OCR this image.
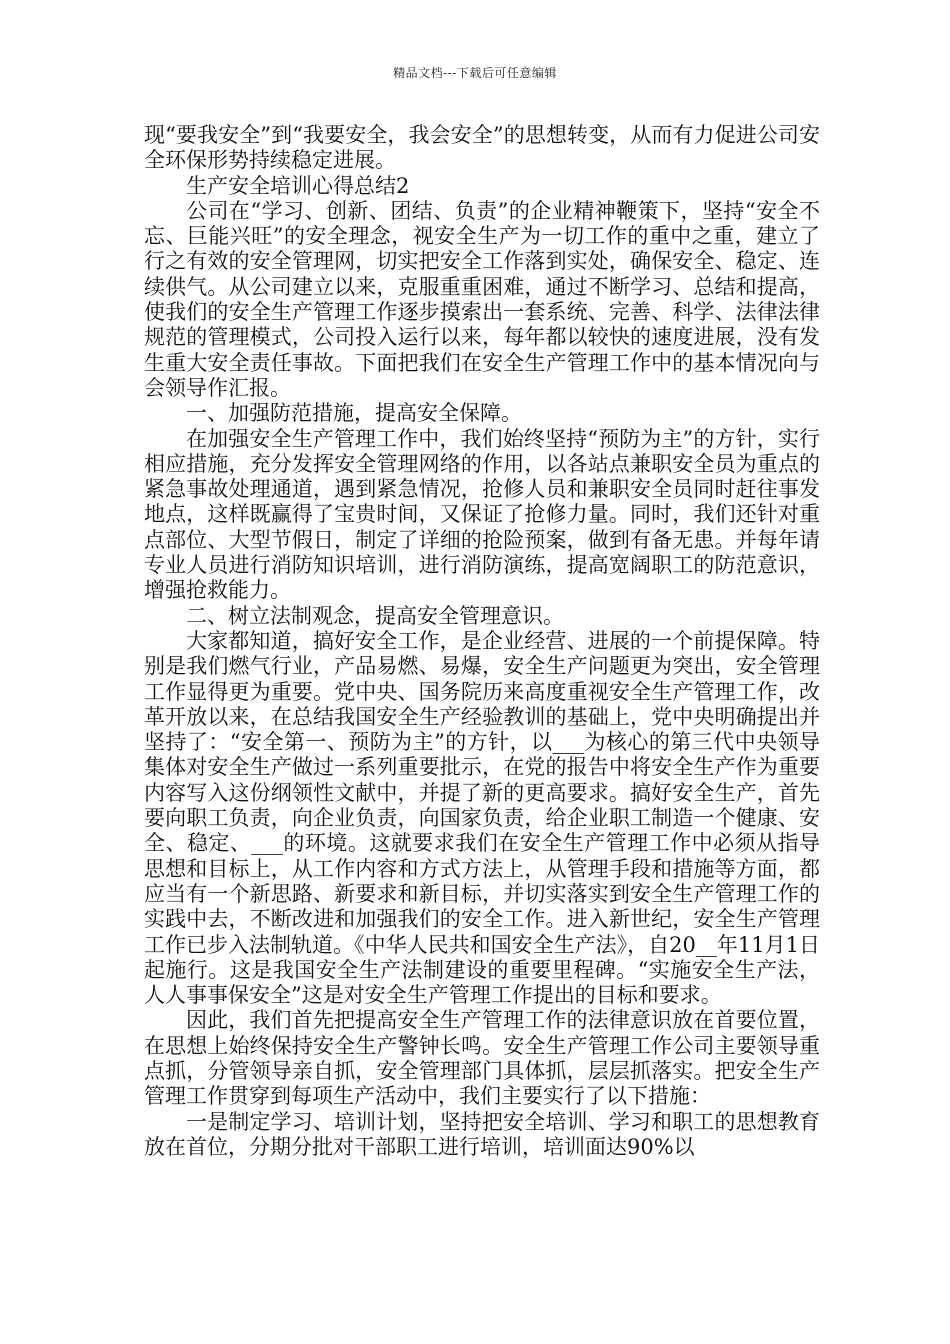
精品文档---下载后可任意编辑

现“要我安全”到“我要安全，我会安全”的思想转变，从而有力促进公司安全环保形势持续稳定进展。

生产安全培训心得总结2

公司在“学习、创新、团结、负责”的企业精神鞭策下，坚持“安全不忘、巨能兴旺”的安全理念，视安全生产为一切工作的重中之重，建立了行之有效的安全管理网，切实把安全工作落到实处，确保安全、稳定、连续供气。从公司建立以来，克服重重困难，通过不断学习、总结和提高，使我们的安全生产管理工作逐步摸索出一套系统、完善、科学、法律法律规范的管理模式，公司投入运行以来，每年都以较快的速度进展，没有发生重大安全责任事故。下面把我们在安全生产管理工作中的基本情况向与会领导作汇报。

一、加强防范措施，提高安全保障。

在加强安全生产管理工作中，我们始终坚持“预防为主”的方针，实行相应措施，充分发挥安全管理网络的作用，以各站点兼职安全员为重点的紧急事故处理通道，遇到紧急情况，抢修人员和兼职安全员同时赶往事发地点，这样既赢得了宝贵时间，又保证了抢修力量。同时，我们还针对重点部位、大型节假日，制定了详细的抢险预案，做到有备无患。并每年请专业人员进行消防知识培训，进行消防演练，提高宽阔职工的防范意识，增强抢救能力。

二、树立法制观念，提高安全管理意识。

大家都知道，搞好安全工作，是企业经营、进展的一个前提保障。特别是我们燃气行业，产品易燃、易爆，安全生产问题更为突出，安全管理工作显得更为重要。党中央、国务院历来高度重视安全生产管理工作，改革开放以来，在总结我国安全生产经验教训的基础上，党中央明确提出并坚持了：“安全第一、预防为主”的方针，以___为核心的第三代中央领导集体对安全生产做过一系列重要批示，在党的报告中将安全生产作为重要内容写入这份纲领性文献中，并提了新的更高要求。搞好安全生产，首先要向职工负责，向企业负责，向国家负责，给企业职工制造一个健康、安全、稳定、___的环境。这就要求我们在安全生产管理工作中必须从指导思想和目标上，从工作内容和方式方法上，从管理手段和措施等方面，都应当有一个新思路、新要求和新目标，并切实落实到安全生产管理工作的实践中去，不断改进和加强我们的安全工作。进入新世纪，安全生产管理工作已步入法制轨道。《中华人民共和国安全生产法》，自20__年11月1日起施行。这是我国安全生产法制建设的重要里程碑。“实施安全生产法，人人事事保安全”这是对安全生产管理工作提出的目标和要求。

因此，我们首先把提高安全生产管理工作的法律意识放在首要位置，在思想上始终保持安全生产警钟长鸣。安全生产管理工作公司主要领导重点抓，分管领导亲自抓，安全管理部门具体抓，层层抓落实。把安全生产管理工作贯穿到每项生产活动中，我们主要实行了以下措施：

一是制定学习、培训计划，坚持把安全培训、学习和职工的思想教育放在首位，分期分批对干部职工进行培训，培训面达90%以
